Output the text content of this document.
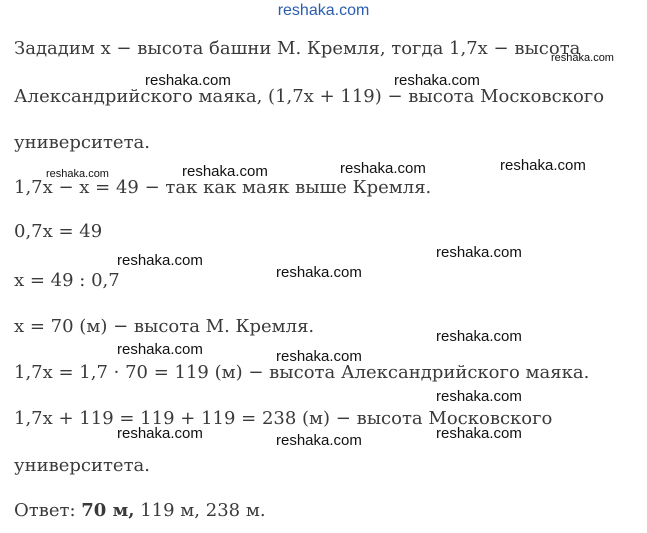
reshaka.com
Зададим x − высота башни М. Кремля, тогда 1,7x − высота
Александрийского маяка, (1,7x + 119) − высота Московского
университета.
1,7x − x = 49 − так как маяк выше Кремля.
0,7x = 49
x = 49 : 0,7
x = 70 (м) − высота М. Кремля.
1,7x = 1,7 · 70 = 119 (м) − высота Александрийского маяка.
1,7x + 119 = 119 + 119 = 238 (м) − высота Московского
университета.
Ответ: 70 м, 119 м, 238 м.
reshaka.com
reshaka.com	reshaka.com
reshaka.com	reshaka.com	reshaka.com	reshaka.com
reshaka.com
reshaka.com
reshaka.com
reshaka.com
reshaka.com	reshaka.com
reshaka.com
reshaka.com	reshaka.com	reshaka.com
